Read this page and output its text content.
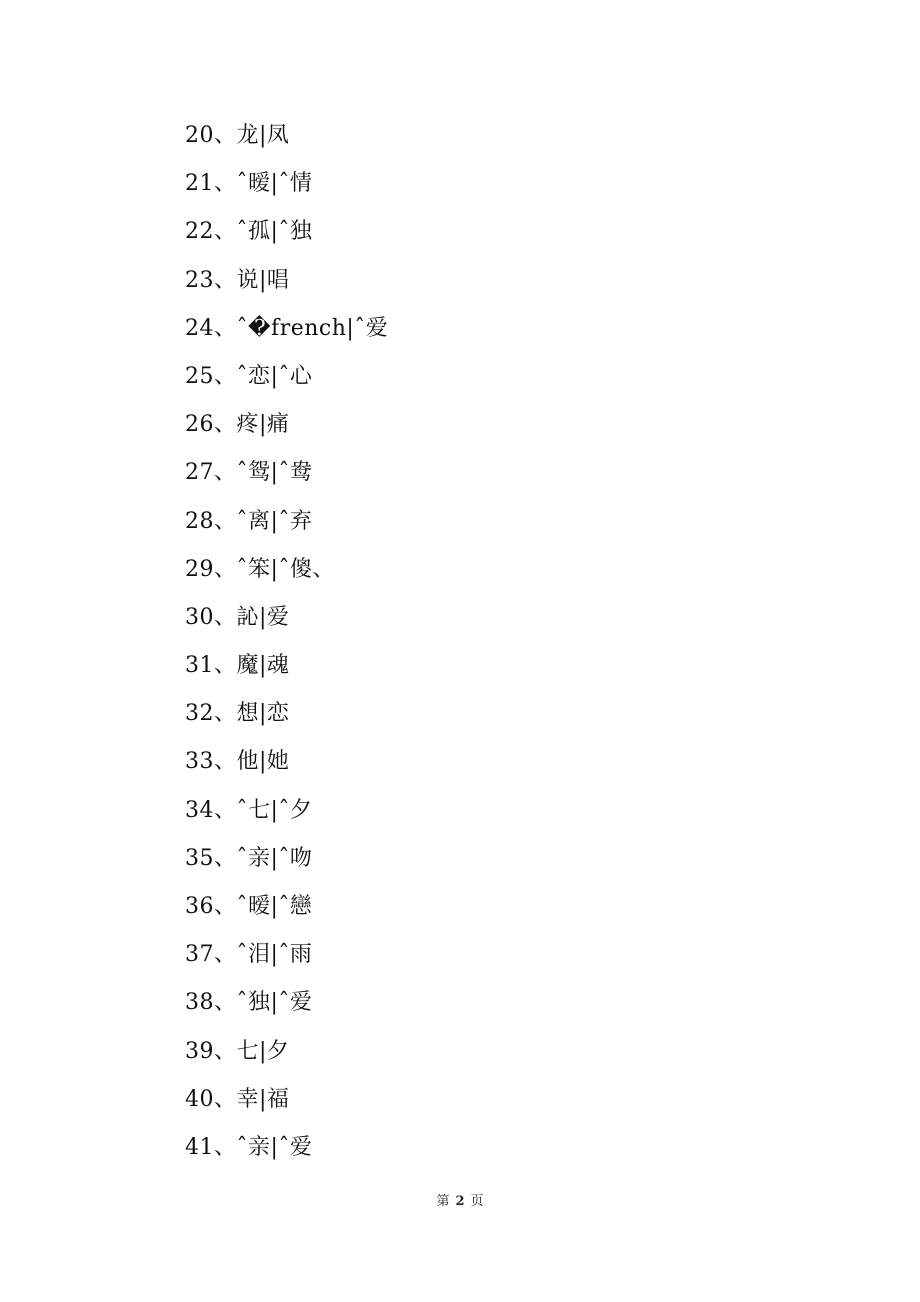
20、龙|凤
21、ˆ暧|ˆ情
22、ˆ孤|ˆ独
23、说|唱
24、ˆ�french|ˆ爱
25、ˆ恋|ˆ心
26、疼|痛
27、ˆ鸳|ˆ鸯
28、ˆ离|ˆ弃
29、ˆ笨|ˆ傻、
30、訫|爱
31、魔|魂
32、想|恋
33、他|她
34、ˆ七|ˆ夕
35、ˆ亲|ˆ吻
36、ˆ暧|ˆ戀
37、ˆ泪|ˆ雨
38、ˆ独|ˆ爱
39、七|夕
40、幸|福
41、ˆ亲|ˆ爱
第 2 页
